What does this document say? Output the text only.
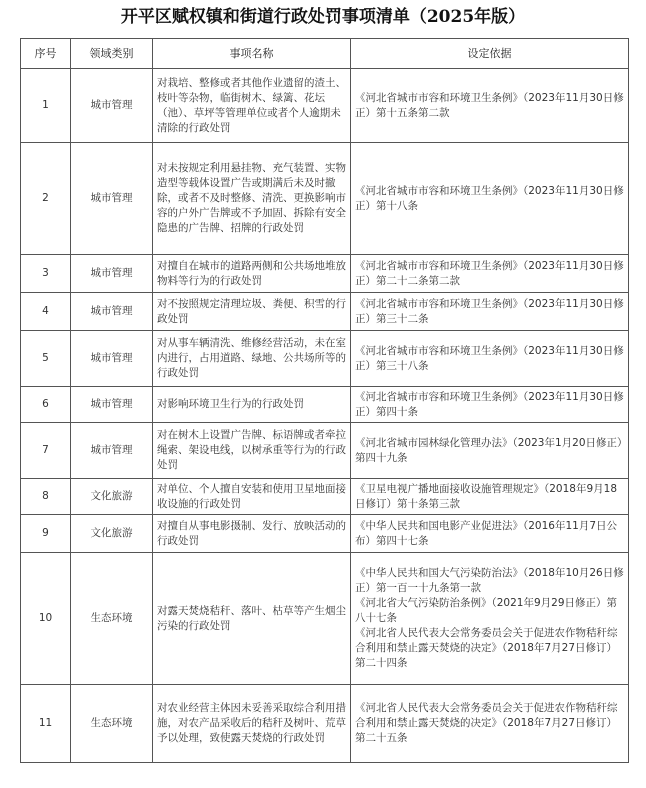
开平区赋权镇和街道行政处罚事项清单（2025年版）
序号	领域类别	事项名称	设定依据
1	城市管理	对栽培、整修或者其他作业遗留的渣土、枝叶等杂物，临街树木、绿篱、花坛（池）、草坪等管理单位或者个人逾期未清除的行政处罚	《河北省城市市容和环境卫生条例》（2023年11月30日修正）第十五条第二款
2	城市管理	对未按规定利用悬挂物、充气装置、实物造型等载体设置广告或期满后未及时撤除，或者不及时整修、清洗、更换影响市容的户外广告牌或不予加固、拆除有安全隐患的广告牌、招牌的行政处罚	《河北省城市市容和环境卫生条例》（2023年11月30日修正）第十八条
3	城市管理	对擅自在城市的道路两侧和公共场地堆放物料等行为的行政处罚	《河北省城市市容和环境卫生条例》（2023年11月30日修正）第二十二条第二款
4	城市管理	对不按照规定清理垃圾、粪便、积雪的行政处罚	《河北省城市市容和环境卫生条例》（2023年11月30日修正）第三十二条
5	城市管理	对从事车辆清洗、维修经营活动，未在室内进行，占用道路、绿地、公共场所等的行政处罚	《河北省城市市容和环境卫生条例》（2023年11月30日修正）第三十八条
6	城市管理	对影响环境卫生行为的行政处罚	《河北省城市市容和环境卫生条例》（2023年11月30日修正）第四十条
7	城市管理	对在树木上设置广告牌、标语牌或者牵拉绳索、架设电线，以树承重等行为的行政处罚	《河北省城市园林绿化管理办法》（2023年1月20日修正）第四十九条
8	文化旅游	对单位、个人擅自安装和使用卫星地面接收设施的行政处罚	《卫星电视广播地面接收设施管理规定》（2018年9月18日修订）第十条第三款
9	文化旅游	对擅自从事电影摄制、发行、放映活动的行政处罚	《中华人民共和国电影产业促进法》（2016年11月7日公布）第四十七条
10	生态环境	对露天焚烧秸秆、落叶、枯草等产生烟尘污染的行政处罚	《中华人民共和国大气污染防治法》（2018年10月26日修正）第一百一十九条第一款
《河北省大气污染防治条例》（2021年9月29日修正）第八十七条
《河北省人民代表大会常务委员会关于促进农作物秸秆综合利用和禁止露天焚烧的决定》（2018年7月27日修订）第二十四条
11	生态环境	对农业经营主体因未妥善采取综合利用措施，对农产品采收后的秸秆及树叶、荒草予以处理，致使露天焚烧的行政处罚	《河北省人民代表大会常务委员会关于促进农作物秸秆综合利用和禁止露天焚烧的决定》（2018年7月27日修订）第二十五条
